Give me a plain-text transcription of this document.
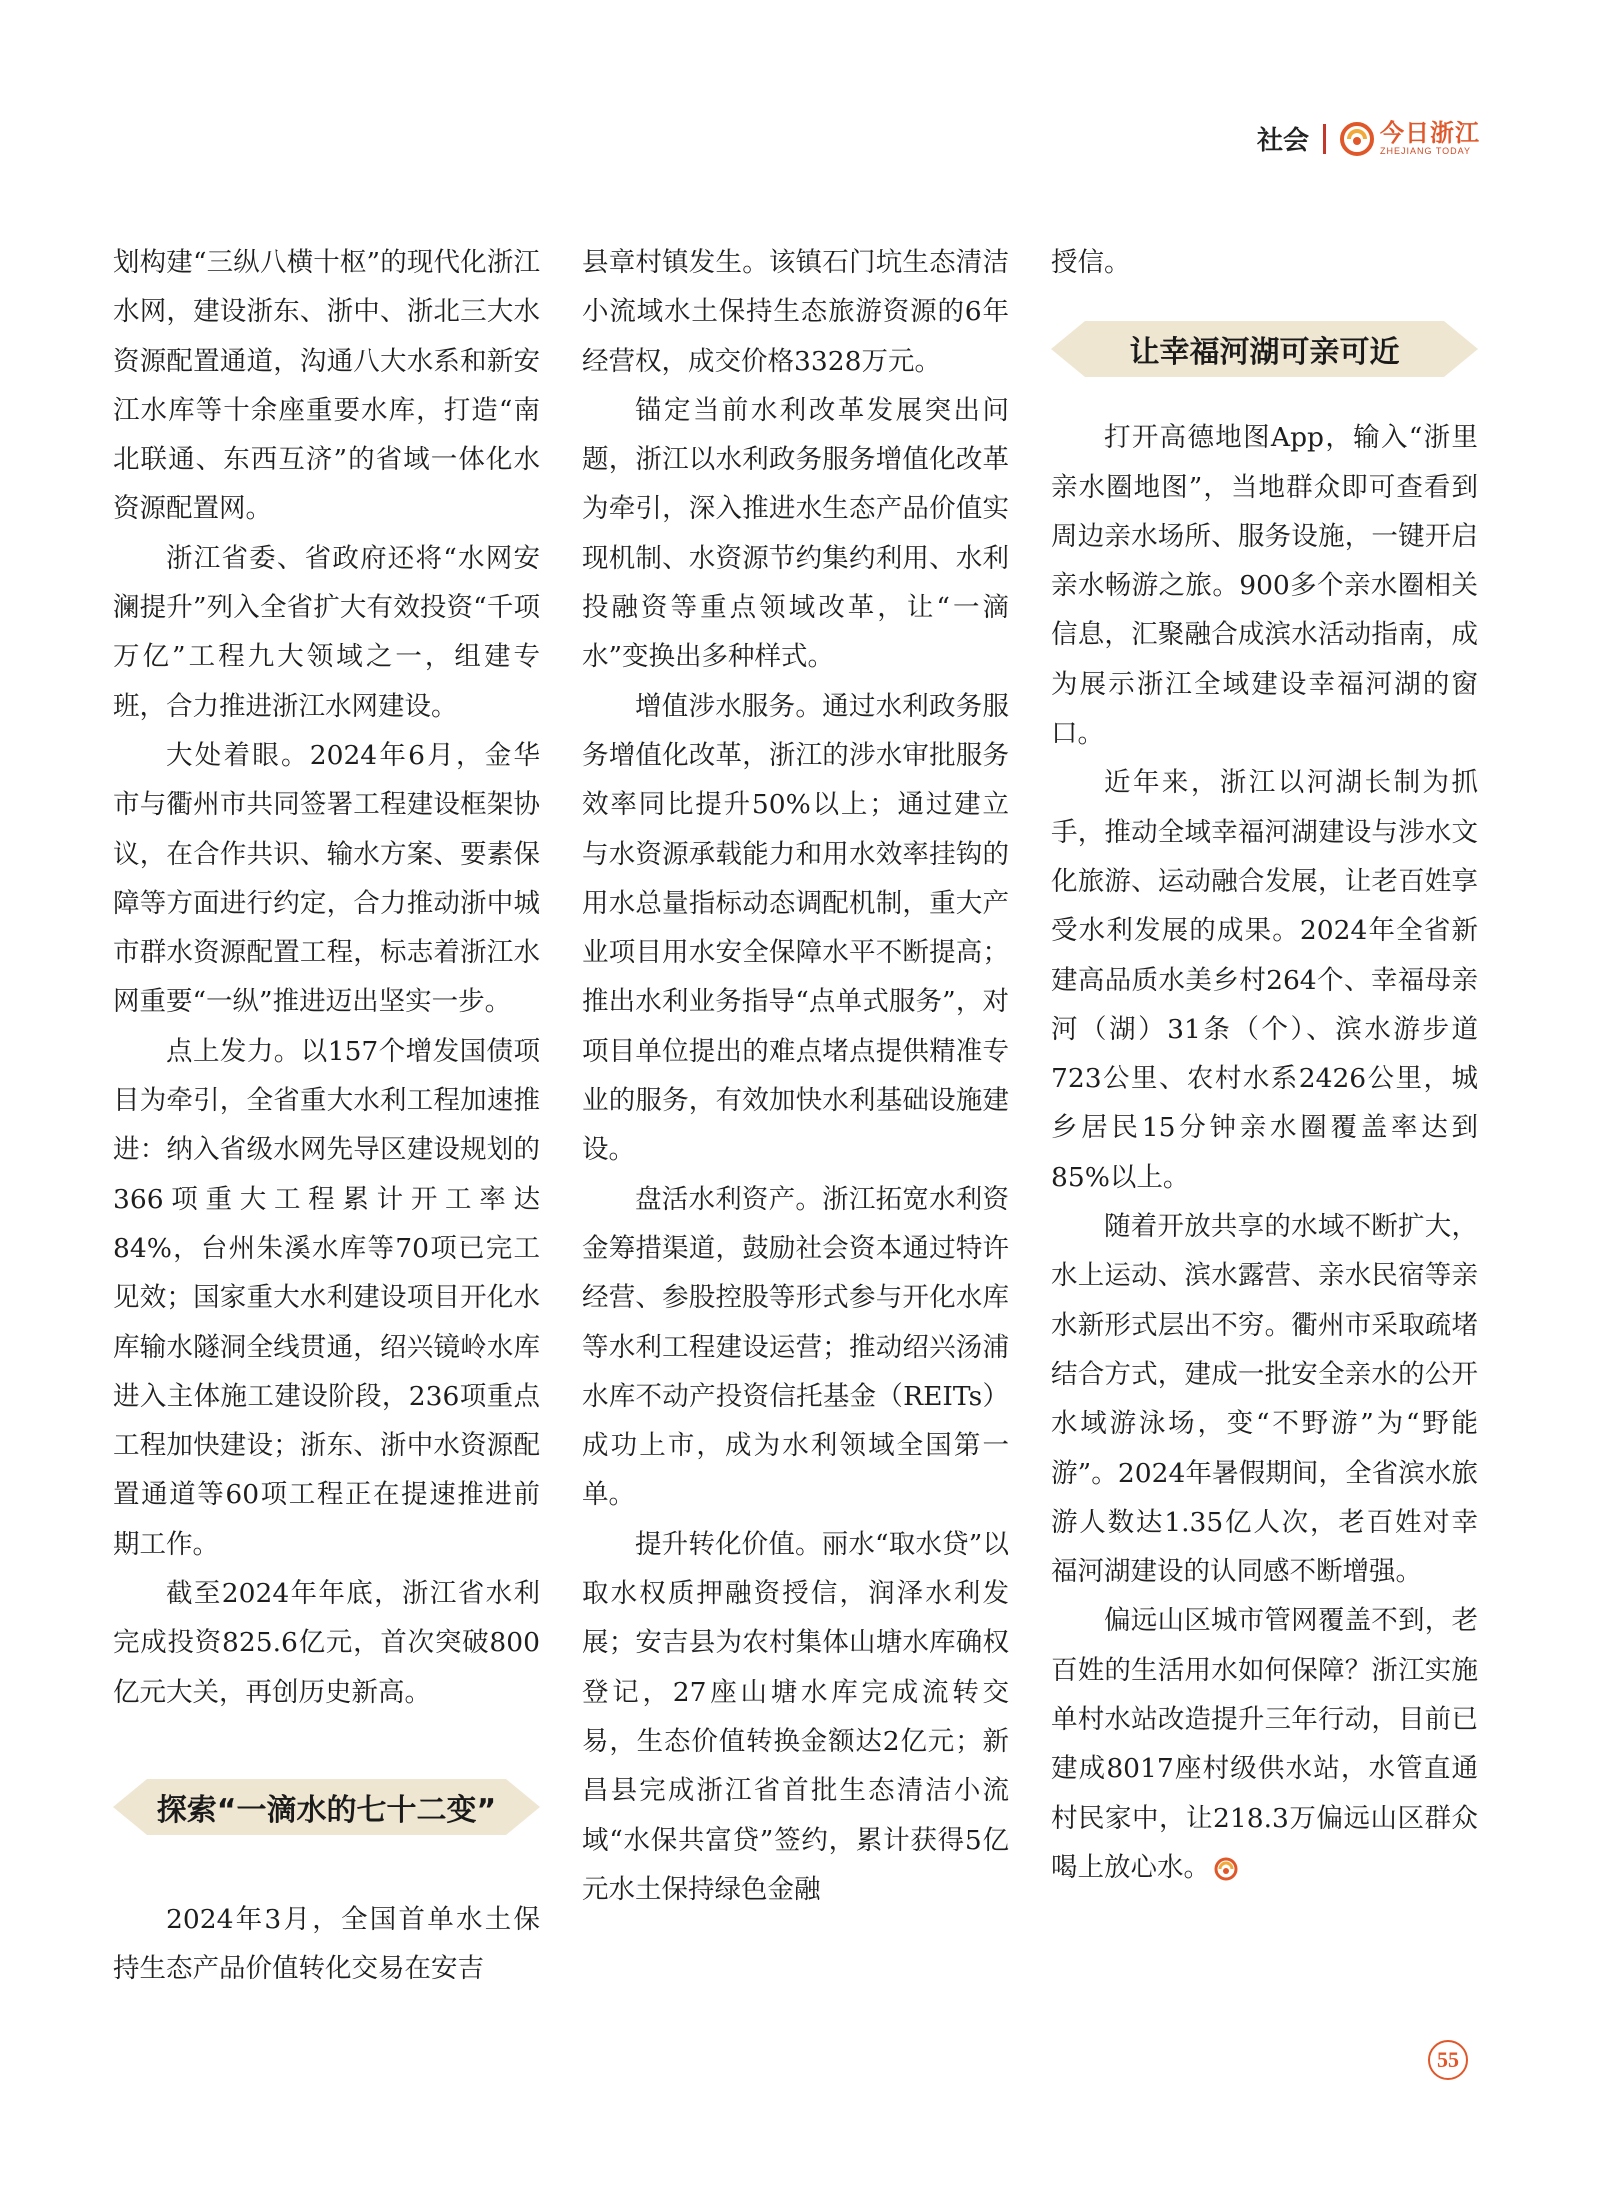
社会	今日浙江
ZHEJIANG TODAY

划构建“三纵八横十枢”的现代化浙江水网，建设浙东、浙中、浙北三大水资源配置通道，沟通八大水系和新安江水库等十余座重要水库，打造“南北联通、东西互济”的省域一体化水资源配置网。

浙江省委、省政府还将“水网安澜提升”列入全省扩大有效投资“千项万亿”工程九大领域之一，组建专班，合力推进浙江水网建设。

大处着眼。2024年6月，金华市与衢州市共同签署工程建设框架协议，在合作共识、输水方案、要素保障等方面进行约定，合力推动浙中城市群水资源配置工程，标志着浙江水网重要“一纵”推进迈出坚实一步。

点上发力。以157个增发国债项目为牵引，全省重大水利工程加速推进：纳入省级水网先导区建设规划的366项重大工程累计开工率达84%，台州朱溪水库等70项已完工见效；国家重大水利建设项目开化水库输水隧洞全线贯通，绍兴镜岭水库进入主体施工建设阶段，236项重点工程加快建设；浙东、浙中水资源配置通道等60项工程正在提速推进前期工作。

截至2024年年底，浙江省水利完成投资825.6亿元，首次突破800亿元大关，再创历史新高。

探索“一滴水的七十二变”

2024年3月，全国首单水土保持生态产品价值转化交易在安吉

县章村镇发生。该镇石门坑生态清洁小流域水土保持生态旅游资源的6年经营权，成交价格3328万元。

锚定当前水利改革发展突出问题，浙江以水利政务服务增值化改革为牵引，深入推进水生态产品价值实现机制、水资源节约集约利用、水利投融资等重点领域改革，让“一滴水”变换出多种样式。

增值涉水服务。通过水利政务服务增值化改革，浙江的涉水审批服务效率同比提升50%以上；通过建立与水资源承载能力和用水效率挂钩的用水总量指标动态调配机制，重大产业项目用水安全保障水平不断提高；推出水利业务指导“点单式服务”，对项目单位提出的难点堵点提供精准专业的服务，有效加快水利基础设施建设。

盘活水利资产。浙江拓宽水利资金筹措渠道，鼓励社会资本通过特许经营、参股控股等形式参与开化水库等水利工程建设运营；推动绍兴汤浦水库不动产投资信托基金（REITs）成功上市，成为水利领域全国第一单。

提升转化价值。丽水“取水贷”以取水权质押融资授信，润泽水利发展；安吉县为农村集体山塘水库确权登记，27座山塘水库完成流转交易，生态价值转换金额达2亿元；新昌县完成浙江省首批生态清洁小流域“水保共富贷”签约，累计获得5亿元水土保持绿色金融

授信。

让幸福河湖可亲可近

打开高德地图App，输入“浙里亲水圈地图”，当地群众即可查看到周边亲水场所、服务设施，一键开启亲水畅游之旅。900多个亲水圈相关信息，汇聚融合成滨水活动指南，成为展示浙江全域建设幸福河湖的窗口。

近年来，浙江以河湖长制为抓手，推动全域幸福河湖建设与涉水文化旅游、运动融合发展，让老百姓享受水利发展的成果。2024年全省新建高品质水美乡村264个、幸福母亲河（湖）31条（个）、滨水游步道723公里、农村水系2426公里，城乡居民15分钟亲水圈覆盖率达到85%以上。

随着开放共享的水域不断扩大，水上运动、滨水露营、亲水民宿等亲水新形式层出不穷。衢州市采取疏堵结合方式，建成一批安全亲水的公开水域游泳场，变“不野游”为“野能游”。2024年暑假期间，全省滨水旅游人数达1.35亿人次，老百姓对幸福河湖建设的认同感不断增强。

偏远山区城市管网覆盖不到，老百姓的生活用水如何保障？浙江实施单村水站改造提升三年行动，目前已建成8017座村级供水站，水管直通村民家中，让218.3万偏远山区群众喝上放心水。

55
